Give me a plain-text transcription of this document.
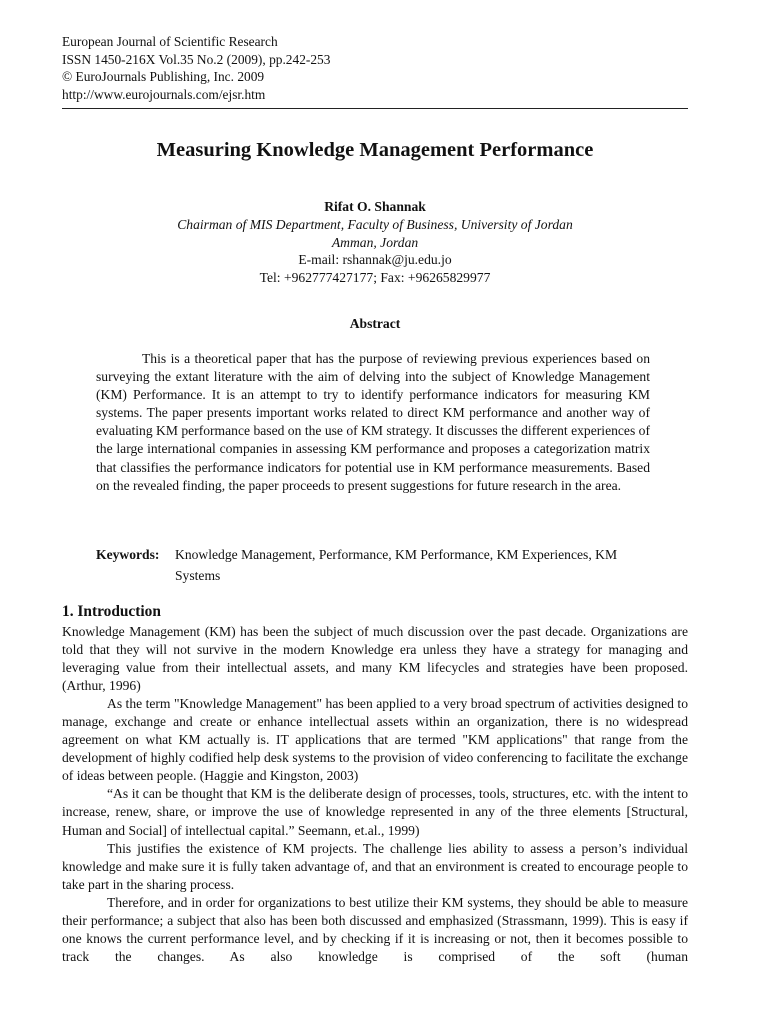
European Journal of Scientific Research
ISSN 1450-216X Vol.35 No.2 (2009), pp.242-253
© EuroJournals Publishing, Inc. 2009
http://www.eurojournals.com/ejsr.htm
Measuring Knowledge Management Performance
Rifat O. Shannak
Chairman of MIS Department, Faculty of Business, University of Jordan
Amman, Jordan
E-mail: rshannak@ju.edu.jo
Tel: +962777427177; Fax: +96265829977
Abstract
This is a theoretical paper that has the purpose of reviewing previous experiences based on surveying the extant literature with the aim of delving into the subject of Knowledge Management (KM) Performance. It is an attempt to try to identify performance indicators for measuring KM systems. The paper presents important works related to direct KM performance and another way of evaluating KM performance based on the use of KM strategy. It discusses the different experiences of the large international companies in assessing KM performance and proposes a categorization matrix that classifies the performance indicators for potential use in KM performance measurements. Based on the revealed finding, the paper proceeds to present suggestions for future research in the area.
Keywords: Knowledge Management, Performance, KM Performance, KM Experiences, KM Systems
1. Introduction

Knowledge Management (KM) has been the subject of much discussion over the past decade. Organizations are told that they will not survive in the modern Knowledge era unless they have a strategy for managing and leveraging value from their intellectual assets, and many KM lifecycles and strategies have been proposed. (Arthur, 1996)

As the term "Knowledge Management" has been applied to a very broad spectrum of activities designed to manage, exchange and create or enhance intellectual assets within an organization, there is no widespread agreement on what KM actually is. IT applications that are termed "KM applications" that range from the development of highly codified help desk systems to the provision of video conferencing to facilitate the exchange of ideas between people. (Haggie and Kingston, 2003)

“As it can be thought that KM is the deliberate design of processes, tools, structures, etc. with the intent to increase, renew, share, or improve the use of knowledge represented in any of the three elements [Structural, Human and Social] of intellectual capital.” Seemann, et.al., 1999)

This justifies the existence of KM projects. The challenge lies ability to assess a person’s individual knowledge and make sure it is fully taken advantage of, and that an environment is created to encourage people to take part in the sharing process.

Therefore, and in order for organizations to best utilize their KM systems, they should be able to measure their performance; a subject that also has been both discussed and emphasized (Strassmann, 1999). This is easy if one knows the current performance level, and by checking if it is increasing or not, then it becomes possible to track the changes. As also knowledge is comprised of the soft (human
